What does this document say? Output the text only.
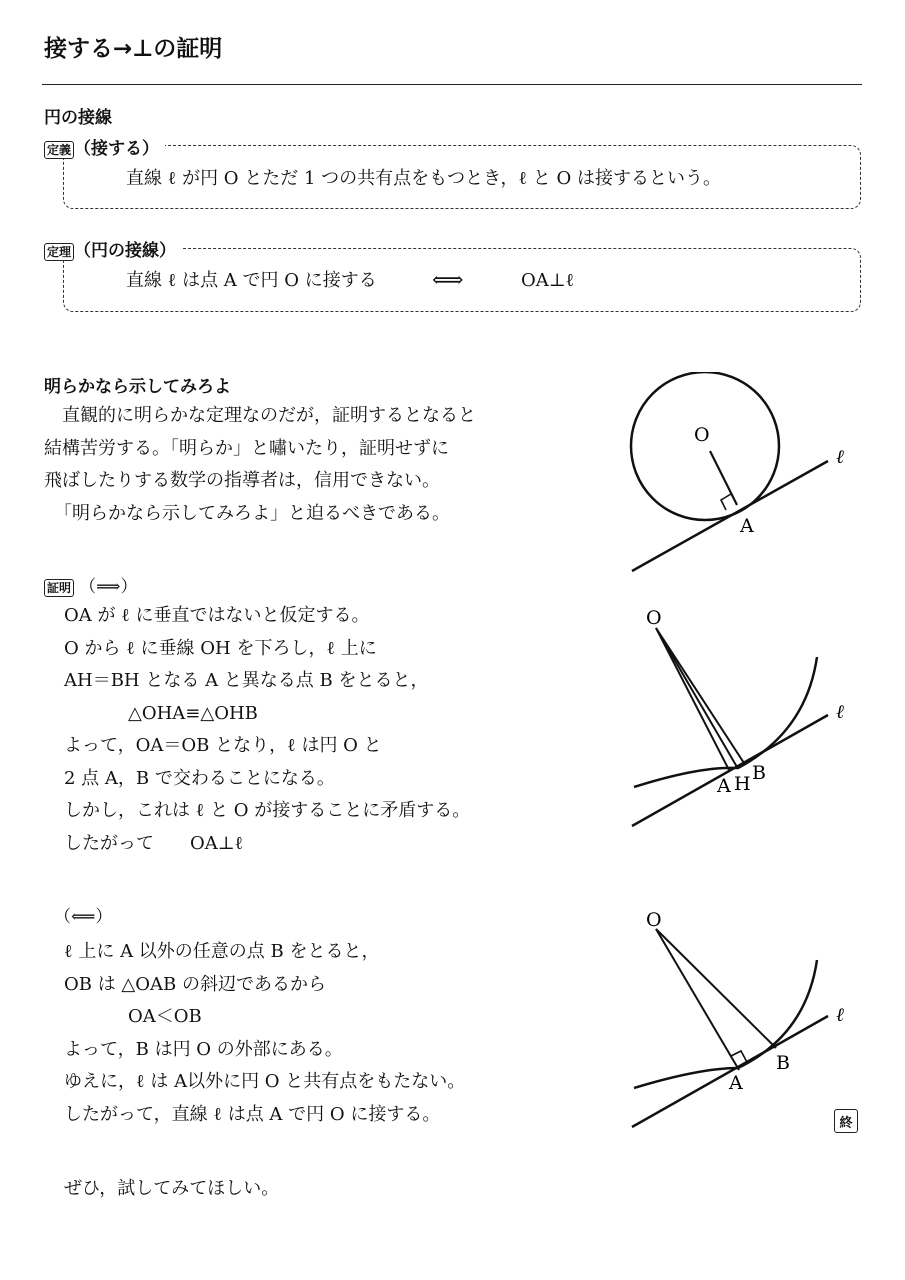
接する→⊥の証明
円の接線
定義 （接する）
直線 ℓ が円 O とただ 1 つの共有点をもつとき，ℓ と O は接するという。
定理 （円の接線）
直線 ℓ は点 A で円 O に接する	⟺	OA⊥ℓ
明らかなら示してみろよ
直観的に明らかな定理なのだが，証明するとなると
結構苦労する。「明らか」と嘯いたり，証明せずに
飛ばしたりする数学の指導者は，信用できない。
「明らかなら示してみろよ」と迫るべきである。
証明 （⟹）
OA が ℓ に垂直ではないと仮定する。
O から ℓ に垂線 OH を下ろし，ℓ 上に
AH＝BH となる A と異なる点 B をとると，
△OHA≡△OHB
よって，OA＝OB となり，ℓ は円 O と
2 点 A，B で交わることになる。
しかし，これは ℓ と O が接することに矛盾する。
したがって　　OA⊥ℓ
（⟸）
ℓ 上に A 以外の任意の点 B をとると，
OB は △OAB の斜辺であるから
OA＜OB
よって，B は円 O の外部にある。
ゆえに，ℓ は A以外に円 O と共有点をもたない。
したがって，直線 ℓ は点 A で円 O に接する。	終
ぜひ，試してみてほしい。
O
A
ℓ
O
A H B
ℓ
O
A
B
ℓ
